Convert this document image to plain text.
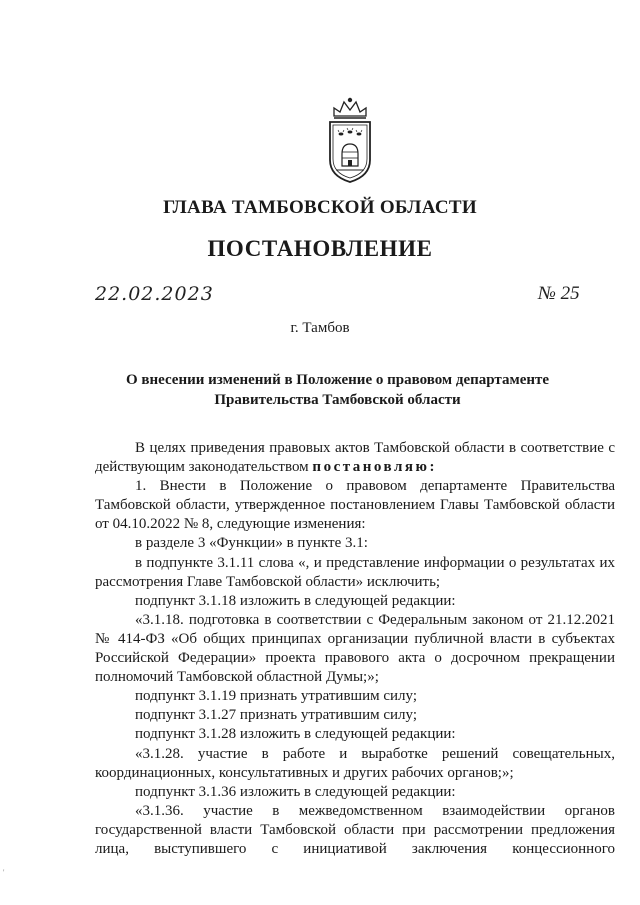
ГЛАВА ТАМБОВСКОЙ ОБЛАСТИ
ПОСТАНОВЛЕНИЕ
22.02.2023	№ 25
г. Тамбов
О внесении изменений в Положение о правовом департаменте
Правительства Тамбовской области

В целях приведения правовых актов Тамбовской области в соответствие с действующим законодательством постановляю:

1. Внести в Положение о правовом департаменте Правительства Тамбовской области, утвержденное постановлением Главы Тамбовской области от 04.10.2022 № 8, следующие изменения:

в разделе 3 «Функции» в пункте 3.1:

в подпункте 3.1.11 слова «, и представление информации о результатах их рассмотрения Главе Тамбовской области» исключить;

подпункт 3.1.18 изложить в следующей редакции:

«3.1.18. подготовка в соответствии с Федеральным законом от 21.12.2021 № 414-ФЗ «Об общих принципах организации публичной власти в субъектах Российской Федерации» проекта правового акта о досрочном прекращении полномочий Тамбовской областной Думы;»;

подпункт 3.1.19 признать утратившим силу;

подпункт 3.1.27 признать утратившим силу;

подпункт 3.1.28 изложить в следующей редакции:

«3.1.28. участие в работе и выработке решений совещательных, координационных, консультативных и других рабочих органов;»;

подпункт 3.1.36 изложить в следующей редакции:

«3.1.36. участие в межведомственном взаимодействии органов государственной власти Тамбовской области при рассмотрении предложения лица, выступившего с инициативой заключения концессионного

'
